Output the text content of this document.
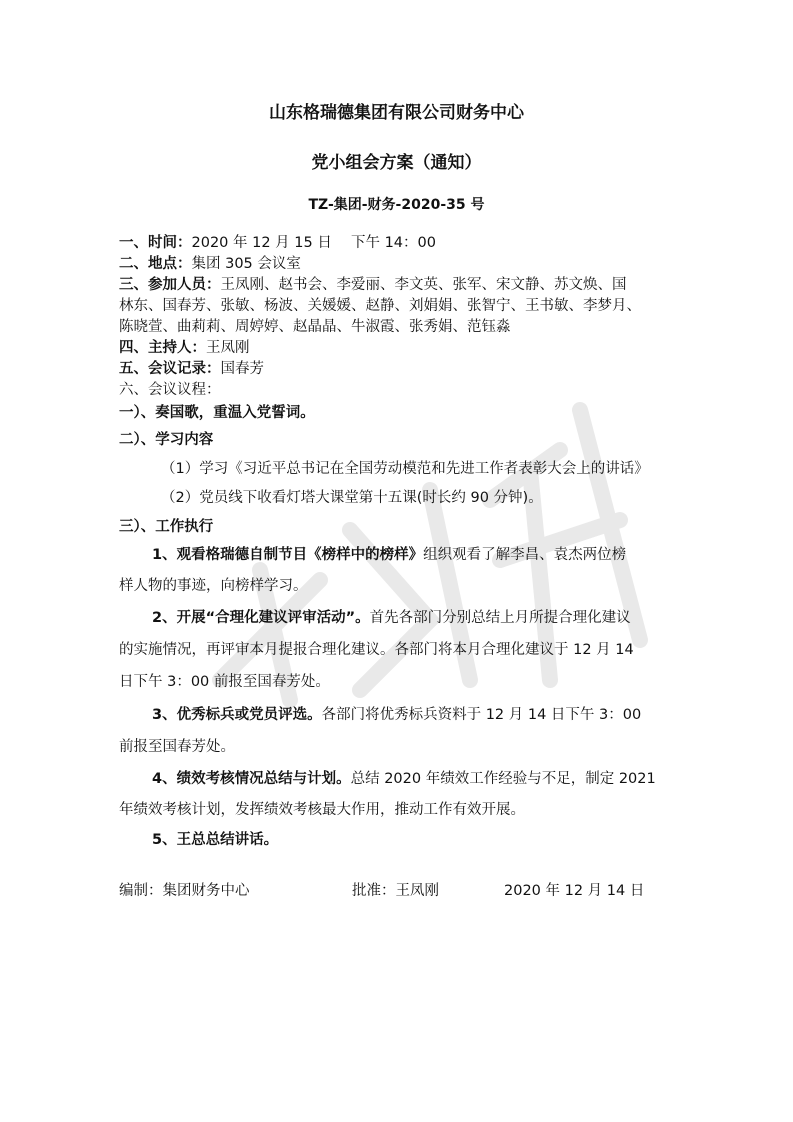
山东格瑞德集团有限公司财务中心
党小组会方案（通知）
TZ-集团-财务-2020-35 号
一、时间：2020 年 12 月 15 日　 下午 14：00
二、地点：集团 305 会议室
三、参加人员：王凤刚、赵书会、李爱丽、李文英、张军、宋文静、苏文焕、国
林东、国春芳、张敏、杨波、关媛媛、赵静、刘娟娟、张智宁、王书敏、李梦月、
陈晓萱、曲莉莉、周婷婷、赵晶晶、牛淑霞、张秀娟、范钰淼
四、主持人：王凤刚
五、会议记录：国春芳
六、会议议程：
一）、奏国歌，重温入党誓词。
二）、学习内容
（1）学习《习近平总书记在全国劳动模范和先进工作者表彰大会上的讲话》
（2）党员线下收看灯塔大课堂第十五课(时长约 90 分钟)。
三）、工作执行
1、观看格瑞德自制节目《榜样中的榜样》组织观看了解李昌、袁杰两位榜
样人物的事迹，向榜样学习。
2、开展“合理化建议评审活动”。首先各部门分别总结上月所提合理化建议
的实施情况，再评审本月提报合理化建议。各部门将本月合理化建议于 12 月 14
日下午 3：00 前报至国春芳处。
3、优秀标兵或党员评选。各部门将优秀标兵资料于 12 月 14 日下午 3：00
前报至国春芳处。
4、绩效考核情况总结与计划。总结 2020 年绩效工作经验与不足，制定 2021
年绩效考核计划，发挥绩效考核最大作用，推动工作有效开展。
5、王总总结讲话。
编制：集团财务中心	批准：王凤刚	2020 年 12 月 14 日
